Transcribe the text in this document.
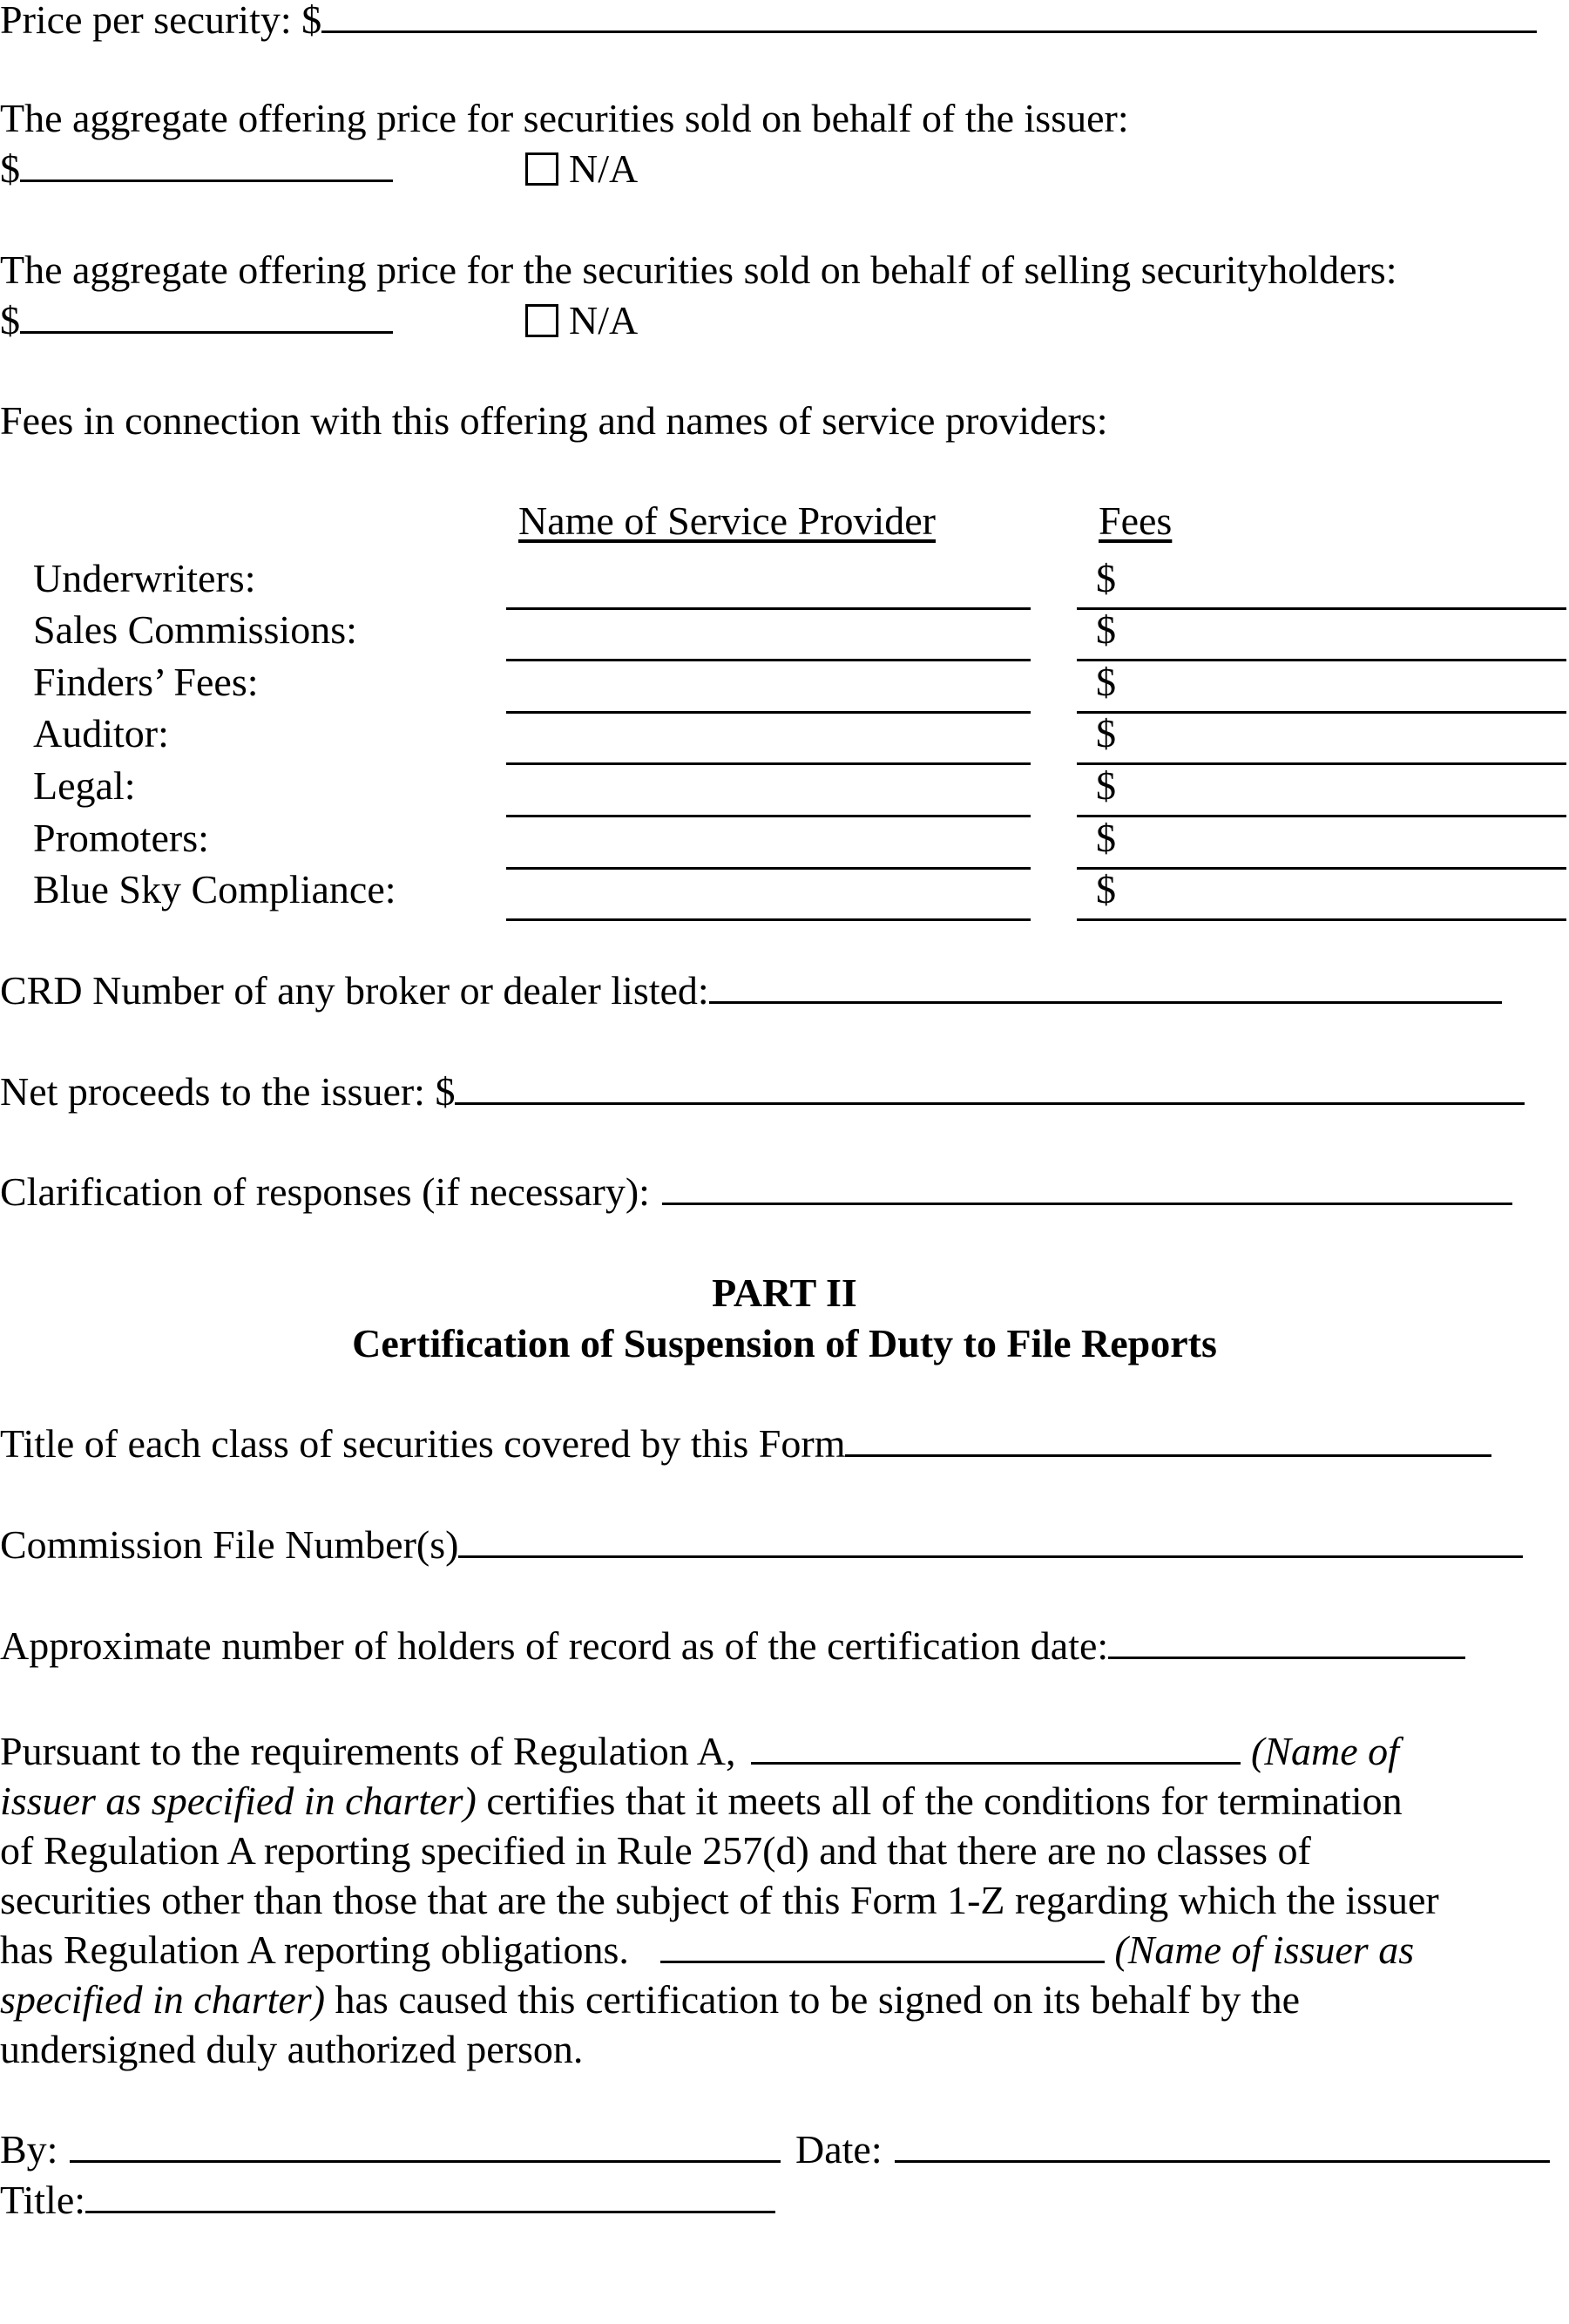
Price per security: $
The aggregate offering price for securities sold on behalf of the issuer:
$	N/A
The aggregate offering price for the securities sold on behalf of selling securityholders:
$	N/A
Fees in connection with this offering and names of service providers:
Name of Service Provider	Fees
Underwriters:	$
Sales Commissions:	$
Finders’ Fees:	$
Auditor:	$
Legal:	$
Promoters:	$
Blue Sky Compliance:	$
CRD Number of any broker or dealer listed:
Net proceeds to the issuer: $
Clarification of responses (if necessary):
PART II
Certification of Suspension of Duty to File Reports
Title of each class of securities covered by this Form
Commission File Number(s)
Approximate number of holders of record as of the certification date:

Pursuant to the requirements of Regulation A,	(Name of

issuer as specified in charter) certifies that it meets all of the conditions for termination

of Regulation A reporting specified in Rule 257(d) and that there are no classes of

securities other than those that are the subject of this Form 1-Z regarding which the issuer

has Regulation A reporting obligations.	(Name of issuer as

specified in charter) has caused this certification to be signed on its behalf by the

undersigned duly authorized person.

By:	Date:
Title:
